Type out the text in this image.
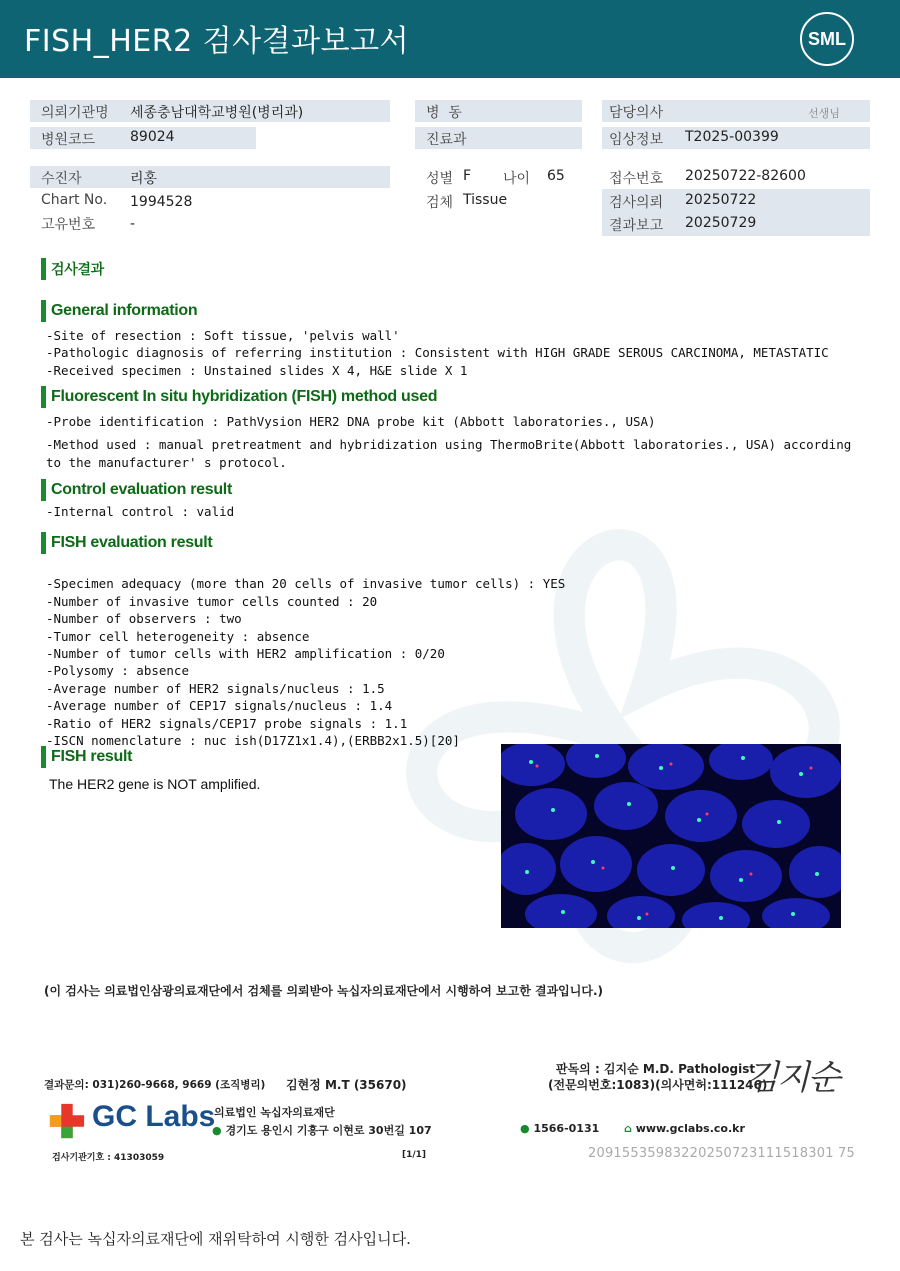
FISH_HER2 검사결과보고서	SML
의뢰기관명 세종충남대학교병원(병리과)
병원코드 89024
병  동
진료과
담당의사	선생님
임상정보 T2025-00399
수진자	리홍
Chart No. 1994528
고유번호 -
성별 F 나이 65
검체 Tissue
접수번호 20250722-82600
검사의뢰 20250722
결과보고 20250729
검사결과
General information
-Site of resection : Soft tissue, 'pelvis wall'
-Pathologic diagnosis of referring institution : Consistent with HIGH GRADE SEROUS CARCINOMA, METASTATIC
-Received specimen : Unstained slides X 4, H&E slide X 1
Fluorescent In situ hybridization (FISH) method used
-Probe identification : PathVysion HER2 DNA probe kit (Abbott laboratories., USA)
-Method used : manual pretreatment and hybridization using ThermoBrite(Abbott laboratories., USA) according
to the manufacturer' s protocol.
Control evaluation result
-Internal control : valid
FISH evaluation result

-Specimen adequacy (more than 20 cells of invasive tumor cells) : YES
-Number of invasive tumor cells counted : 20
-Number of observers : two
-Tumor cell heterogeneity : absence
-Number of tumor cells with HER2 amplification : 0/20
-Polysomy : absence
-Average number of HER2 signals/nucleus : 1.5
-Average number of CEP17 signals/nucleus : 1.4
-Ratio of HER2 signals/CEP17 probe signals : 1.1
-ISCN nomenclature : nuc ish(D17Z1x1.4),(ERBB2x1.5)[20]
FISH result
The HER2 gene is NOT amplified.
(이 검사는 의료법인삼광의료재단에서 검체를 의뢰받아 녹십자의료재단에서 시행하여 보고한 결과입니다.)
판독의 : 김지순 M.D. Pathologist
(전문의번호:1083)(의사면허:111246)
김지순
결과문의: 031)260-9668, 9669 (조직병리) 김현정 M.T (35670)
GC Labs
의료법인 녹십자의료재단
● 경기도 용인시 기흥구 이현로 30번길 107	● 1566-0131 ⌂ www.gclabs.co.kr
검사기관기호 : 41303059	[1/1]	20915535983220250723111518301 75
본 검사는 녹십자의료재단에 재위탁하여 시행한 검사입니다.
